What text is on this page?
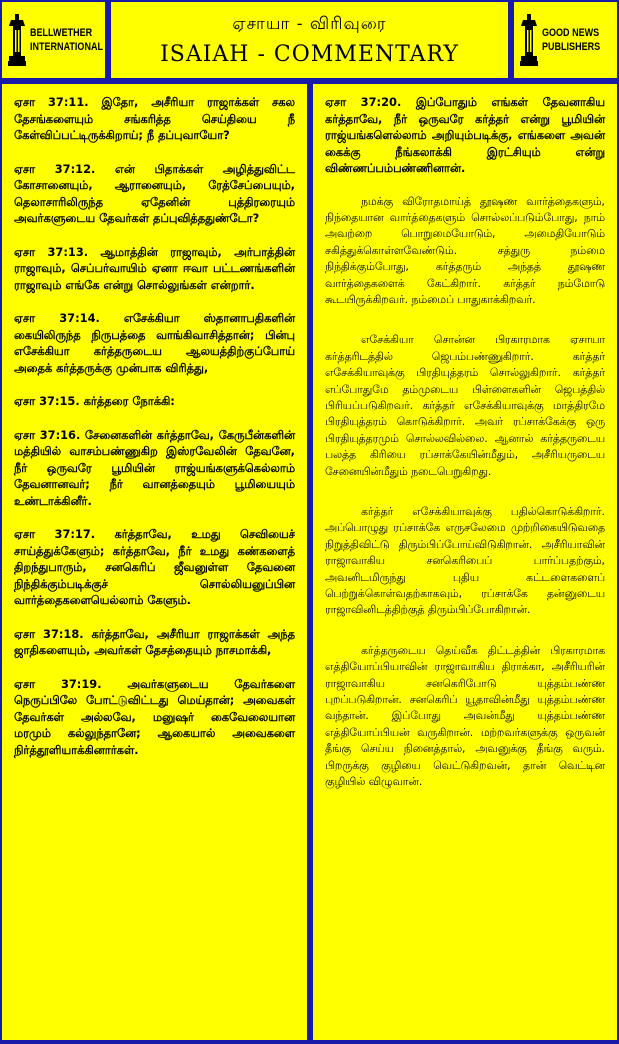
BELLWETHER
INTERNATIONAL
ஏசாயா - விரிவுரை
ISAIAH - COMMENTARY
GOOD NEWS
PUBLISHERS

ஏசா 37:11. இதோ, அசீரியா ராஜாக்கள் சகல தேசங்களையும் சங்கரித்த செய்தியை நீ கேள்விப்பட்டிருக்கிறாய்; நீ தப்புவாயோ?

ஏசா 37:12. என் பிதாக்கள் அழித்துவிட்ட கோசானையும், ஆரானையும், ரேத்சேப்பையும், தெலாசாரிலிருந்த ஏதேனின் புத்திரரையும் அவர்களுடைய தேவர்கள் தப்புவித்ததுண்டோ?

ஏசா 37:13. ஆமாத்தின் ராஜாவும், அர்பாத்தின் ராஜாவும், செப்பர்வாயிம் ஏனா ஈவா பட்டணங்களின் ராஜாவும் எங்கே என்று சொல்லுங்கள் என்றார்.

ஏசா 37:14. எசேக்கியா ஸ்தானாபதிகளின் கையிலிருந்த நிருபத்தை வாங்கிவாசித்தான்; பின்பு எசேக்கியா கர்த்தருடைய ஆலயத்திற்குப்போய் அதைக் கர்த்தருக்கு முன்பாக விரித்து,

ஏசா 37:15. கர்த்தரை நோக்கி:

ஏசா 37:16. சேனைகளின் கர்த்தாவே, கேருபீன்களின் மத்தியில் வாசம்பண்ணுகிற இஸ்ரவேலின் தேவனே, நீர் ஒருவரே பூமியின் ராஜ்யங்களுக்கெல்லாம் தேவனானவர்; நீர் வானத்தையும் பூமியையும் உண்டாக்கினீர்.

ஏசா 37:17. கர்த்தாவே, உமது செவியைச் சாய்த்துக்கேளும்; கர்த்தாவே, நீர் உமது கண்களைத் திறந்துபாரும், சனகெரிப் ஜீவனுள்ள தேவனை நிந்திக்கும்படிக்குச் சொல்லியனுப்பின வார்த்தைகளையெல்லாம் கேளும்.

ஏசா 37:18. கர்த்தாவே, அசீரியா ராஜாக்கள் அந்த ஜாதிகளையும், அவர்கள் தேசத்தையும் நாசமாக்கி,

ஏசா 37:19. அவர்களுடைய தேவர்களை நெருப்பிலே போட்டுவிட்டது மெய்தான்; அவைகள் தேவர்கள் அல்லவே, மனுஷர் கைவேலையான மரமும் கல்லுந்தானே; ஆகையால் அவைகளை நிர்த்தூளியாக்கினார்கள்.

ஏசா 37:20. இப்போதும் எங்கள் தேவனாகிய கர்த்தாவே, நீர் ஒருவரே கர்த்தர் என்று பூமியின் ராஜ்யங்களெல்லாம் அறியும்படிக்கு, எங்களை அவன் கைக்கு நீங்கலாக்கி இரட்சியும் என்று விண்ணப்பம்பண்ணினான்.

நமக்கு விரோதமாய்த் தூஷண வார்த்தைகளும், நிந்தையான வார்த்தைகளும் சொல்லப்படும்போது, நாம் அவற்றை பொறுமையோடும், அமைதியோடும் சகித்துக்கொள்ளவேண்டும். சத்துரு நம்மை நிந்திக்கும்போது, கர்த்தரும் அந்தத் தூஷண வார்த்தைகளைக் கேட்கிறார். கர்த்தர் நம்மோடு கூடயிருக்கிறவர். நம்மைப் பாதுகாக்கிறவர்.

எசேக்கியா சொன்ன பிரகாரமாக ஏசாயா கர்த்தரிடத்தில் ஜெபம்பண்ணுகிறார். கர்த்தர் எசேக்கியாவுக்கு பிரதியுத்தரம் சொல்லுகிறார். கர்த்தர் எப்போதுமே தம்முடைய பிள்ளைகளின் ஜெபத்தில் பிரியப்படுகிறவர். கர்த்தர் எசேக்கியாவுக்கு மாத்திரமே பிரதியுத்தரம் கொடுக்கிறார். அவர் ரப்சாக்கேக்கு ஒரு பிரதியுத்தரமும் சொல்லவில்லை. ஆனால் கர்த்தருடைய பலத்த கிரியை ரப்சாக்கேயின்மீதும், அசீரியருடைய சேனையின்மீதும் நடைபெறுகிறது.

கர்த்தர் எசேக்கியாவுக்கு பதில்கொடுக்கிறார். அப்பொழுது ரப்சாக்கே எருசலேமை முற்றிகையிடுவதை நிறுத்திவிட்டு திரும்பிப்போய்விடுகிறான். அசீரியாவின் ராஜாவாகிய சனகெரிபைப் பார்ப்பதற்கும், அவனிடமிருந்து புதிய கட்டளைகளைப் பெற்றுக்கொள்வதற்காகவும், ரப்சாக்கே தன்னுடைய ராஜாவினிடத்திற்குத் திரும்பிப்போகிறான்.

கர்த்தருடைய தெய்வீக திட்டத்தின் பிரகாரமாக எத்தியோப்பியாவின் ராஜாவாகிய திராக்கா, அசீரியரின் ராஜாவாகிய சனகெரிபோடு யுத்தம்பண்ண புறப்படுகிறான். சனகெரிப் யூதாவின்மீது யுத்தம்பண்ண வந்தான். இப்போது அவன்மீது யுத்தம்பண்ண எத்தியோப்பியன் வருகிறான். மற்றவர்களுக்கு ஒருவன் தீங்கு செய்ய நினைத்தால், அவனுக்கு தீங்கு வரும். பிறருக்கு குழியை வெட்டுகிறவன், தான் வெட்டின குழியில் விழுவான்.
